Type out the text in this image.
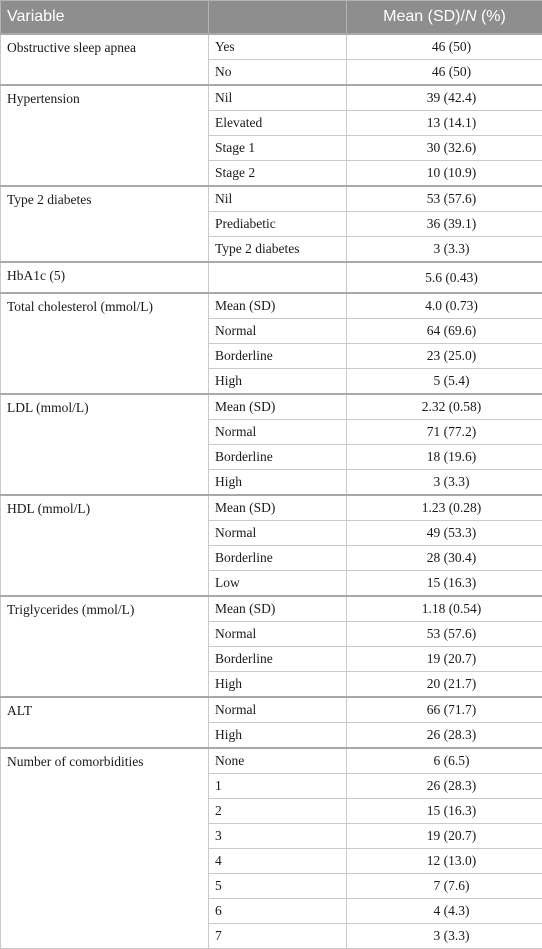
Variable		Mean (SD)/N (%)
Obstructive sleep apnea	Yes	46 (50)
	No	46 (50)
Hypertension	Nil	39 (42.4)
	Elevated	13 (14.1)
	Stage 1	30 (32.6)
	Stage 2	10 (10.9)
Type 2 diabetes	Nil	53 (57.6)
	Prediabetic	36 (39.1)
	Type 2 diabetes	3 (3.3)
HbA1c (5)		5.6 (0.43)
Total cholesterol (mmol/L)	Mean (SD)	4.0 (0.73)
	Normal	64 (69.6)
	Borderline	23 (25.0)
	High	5 (5.4)
LDL (mmol/L)	Mean (SD)	2.32 (0.58)
	Normal	71 (77.2)
	Borderline	18 (19.6)
	High	3 (3.3)
HDL (mmol/L)	Mean (SD)	1.23 (0.28)
	Normal	49 (53.3)
	Borderline	28 (30.4)
	Low	15 (16.3)
Triglycerides (mmol/L)	Mean (SD)	1.18 (0.54)
	Normal	53 (57.6)
	Borderline	19 (20.7)
	High	20 (21.7)
ALT	Normal	66 (71.7)
	High	26 (28.3)
Number of comorbidities	None	6 (6.5)
	1	26 (28.3)
	2	15 (16.3)
	3	19 (20.7)
	4	12 (13.0)
	5	7 (7.6)
	6	4 (4.3)
	7	3 (3.3)
